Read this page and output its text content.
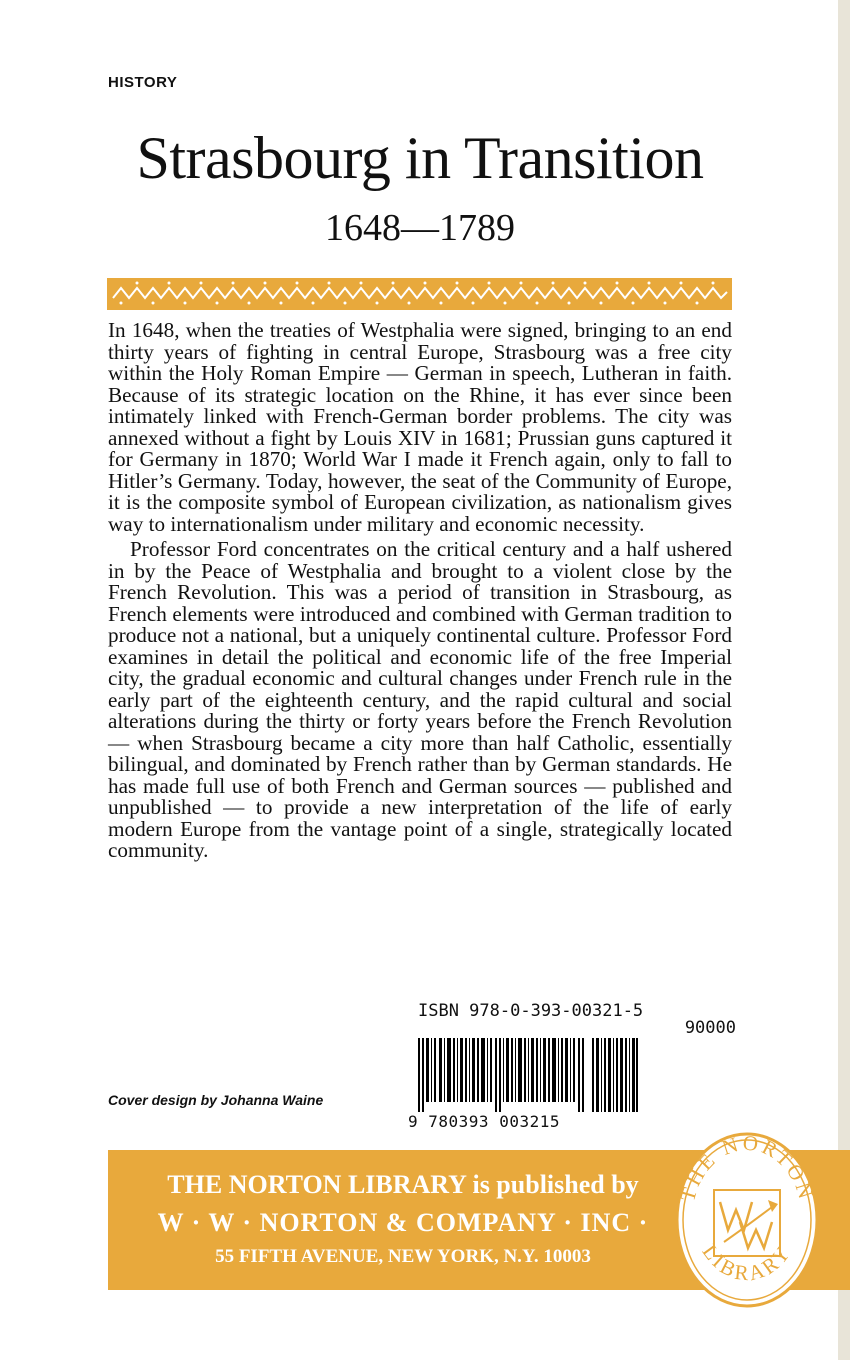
HISTORY
Strasbourg in Transition
1648—1789

In 1648, when the treaties of Westphalia were signed, bringing to an end thirty years of fighting in central Europe, Strasbourg was a free city within the Holy Roman Empire — German in speech, Lutheran in faith. Because of its strategic location on the Rhine, it has ever since been intimately linked with French-German border problems. The city was annexed without a fight by Louis XIV in 1681; Prussian guns captured it for Germany in 1870; World War I made it French again, only to fall to Hitler’s Germany. Today, however, the seat of the Community of Europe, it is the composite symbol of European civilization, as nationalism gives way to internationalism under military and economic necessity.

Professor Ford concentrates on the critical century and a half ushered in by the Peace of Westphalia and brought to a violent close by the French Revolution. This was a period of transition in Strasbourg, as French elements were introduced and combined with German tradition to produce not a national, but a uniquely continental culture. Professor Ford examines in detail the political and economic life of the free Imperial city, the gradual economic and cultural changes under French rule in the early part of the eighteenth century, and the rapid cultural and social alterations during the thirty or forty years before the French Revolution — when Strasbourg became a city more than half Catholic, essentially bilingual, and dominated by French rather than by German standards. He has made full use of both French and German sources — published and unpublished — to provide a new interpretation of the life of early modern Europe from the vantage point of a single, strategically located community.

ISBN 978-0-393-00321-5
90000
9 780393 003215
Cover design by Johanna Waine
THE NORTON LIBRARY is published by
W · W · NORTON & COMPANY · INC ·
55 FIFTH AVENUE, NEW YORK, N.Y. 10003
THE NORTON
LIBRARY
